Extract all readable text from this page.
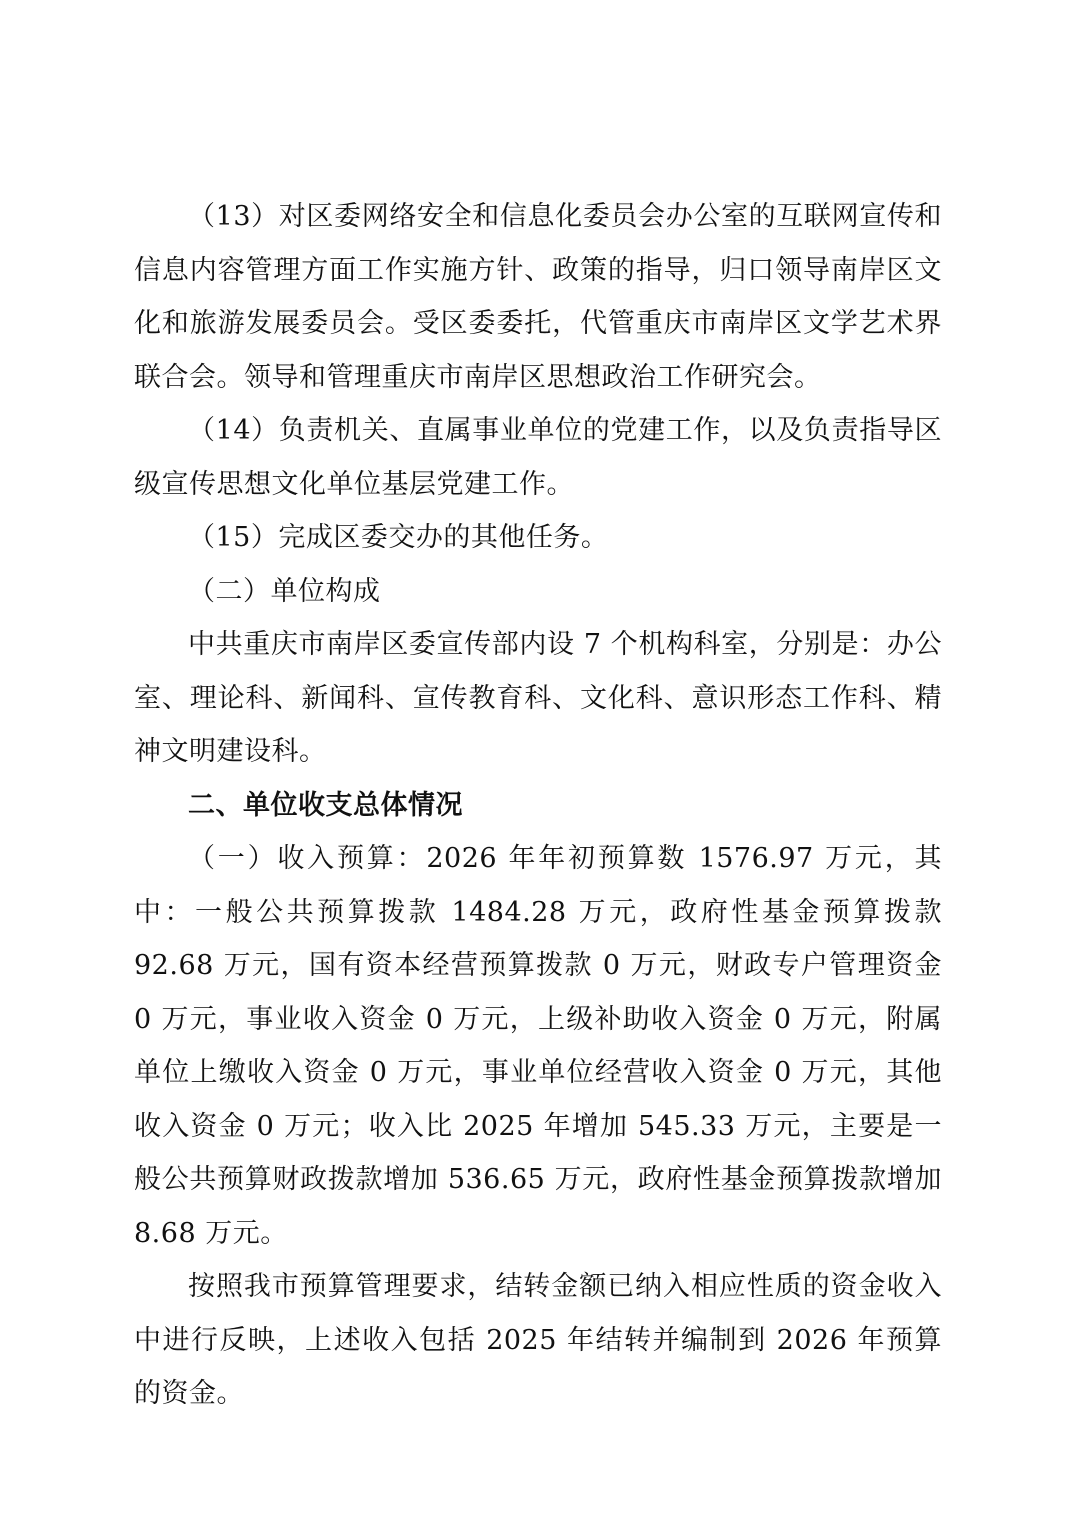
（13）对区委网络安全和信息化委员会办公室的互联网宣传和信息内容管理方面工作实施方针、政策的指导，归口领导南岸区文化和旅游发展委员会。受区委委托，代管重庆市南岸区文学艺术界联合会。领导和管理重庆市南岸区思想政治工作研究会。

（14）负责机关、直属事业单位的党建工作，以及负责指导区级宣传思想文化单位基层党建工作。

（15）完成区委交办的其他任务。

（二）单位构成

中共重庆市南岸区委宣传部内设 7 个机构科室，分别是：办公室、理论科、新闻科、宣传教育科、文化科、意识形态工作科、精神文明建设科。

二、单位收支总体情况

（一）收入预算：2026 年年初预算数 1576.97 万元，其中：一般公共预算拨款 1484.28 万元，政府性基金预算拨款 92.68 万元，国有资本经营预算拨款 0 万元，财政专户管理资金 0 万元，事业收入资金 0 万元，上级补助收入资金 0 万元，附属单位上缴收入资金 0 万元，事业单位经营收入资金 0 万元，其他收入资金 0 万元；收入比 2025 年增加 545.33 万元，主要是一般公共预算财政拨款增加 536.65 万元，政府性基金预算拨款增加 8.68 万元。

按照我市预算管理要求，结转金额已纳入相应性质的资金收入中进行反映，上述收入包括 2025 年结转并编制到 2026 年预算的资金。
